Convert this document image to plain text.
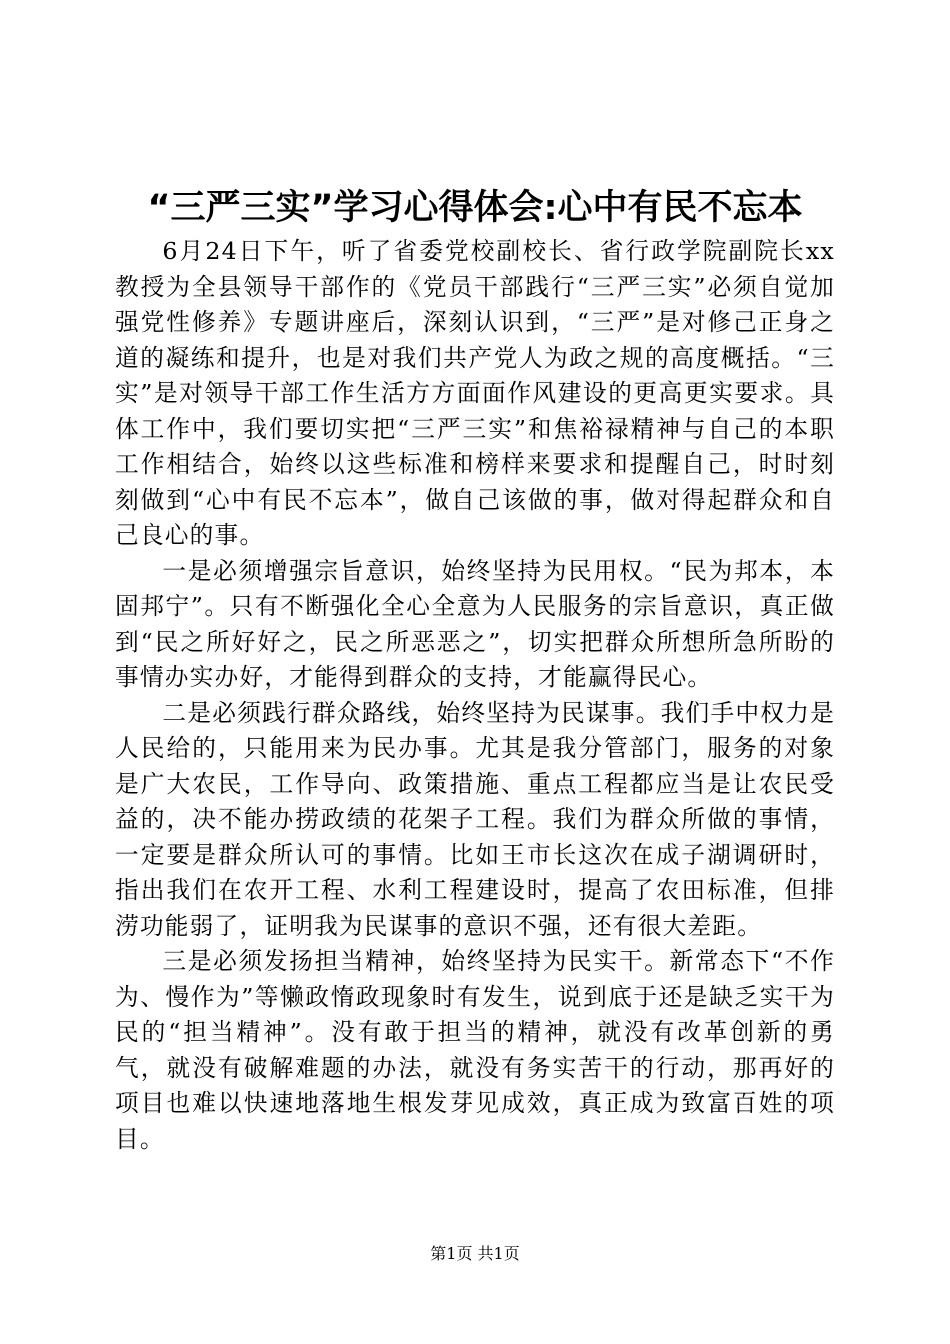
“三严三实”学习心得体会:心中有民不忘本

6月24日下午，听了省委党校副校长、省行政学院副院长xx教授为全县领导干部作的《党员干部践行“三严三实”必须自觉加强党性修养》专题讲座后，深刻认识到，“三严”是对修己正身之道的凝练和提升，也是对我们共产党人为政之规的高度概括。“三实”是对领导干部工作生活方方面面作风建设的更高更实要求。具体工作中，我们要切实把“三严三实”和焦裕禄精神与自己的本职工作相结合，始终以这些标准和榜样来要求和提醒自己，时时刻刻做到“心中有民不忘本”，做自己该做的事，做对得起群众和自己良心的事。

一是必须增强宗旨意识，始终坚持为民用权。“民为邦本，本固邦宁”。只有不断强化全心全意为人民服务的宗旨意识，真正做到“民之所好好之，民之所恶恶之”，切实把群众所想所急所盼的事情办实办好，才能得到群众的支持，才能赢得民心。

二是必须践行群众路线，始终坚持为民谋事。我们手中权力是人民给的，只能用来为民办事。尤其是我分管部门，服务的对象是广大农民，工作导向、政策措施、重点工程都应当是让农民受益的，决不能办捞政绩的花架子工程。我们为群众所做的事情，一定要是群众所认可的事情。比如王市长这次在成子湖调研时，指出我们在农开工程、水利工程建设时，提高了农田标准，但排涝功能弱了，证明我为民谋事的意识不强，还有很大差距。

三是必须发扬担当精神，始终坚持为民实干。新常态下“不作为、慢作为”等懒政惰政现象时有发生，说到底于还是缺乏实干为民的“担当精神”。没有敢于担当的精神，就没有改革创新的勇气，就没有破解难题的办法，就没有务实苦干的行动，那再好的项目也难以快速地落地生根发芽见成效，真正成为致富百姓的项目。

第1页 共1页
